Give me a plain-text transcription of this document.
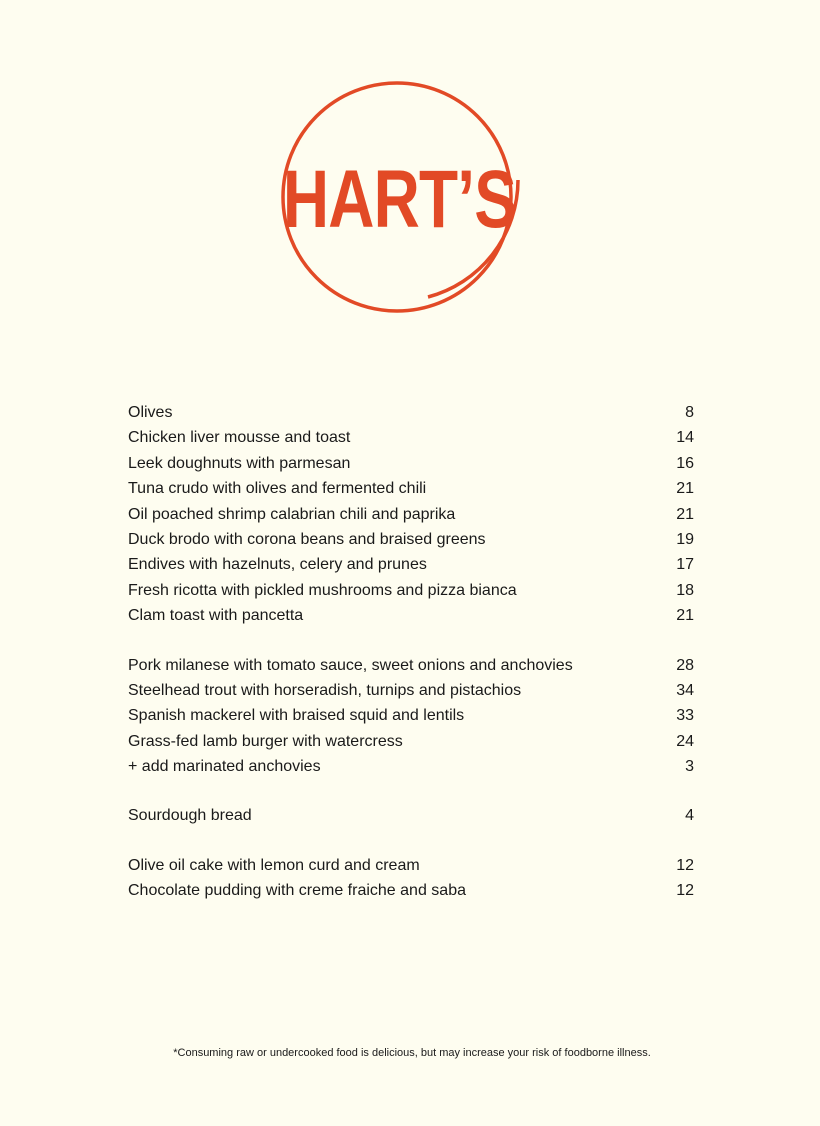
HART’S
Olives	8
Chicken liver mousse and toast	14
Leek doughnuts with parmesan	16
Tuna crudo with olives and fermented chili	21
Oil poached shrimp calabrian chili and paprika	21
Duck brodo with corona beans and braised greens	19
Endives with hazelnuts, celery and prunes	17
Fresh ricotta with pickled mushrooms and pizza bianca	18
Clam toast with pancetta	21
Pork milanese with tomato sauce, sweet onions and anchovies	28
Steelhead trout with horseradish, turnips and pistachios	34
Spanish mackerel with braised squid and lentils	33
Grass-fed lamb burger with watercress	24
+ add marinated anchovies	3
Sourdough bread	4
Olive oil cake with lemon curd and cream	12
Chocolate pudding with creme fraiche and saba	12
*Consuming raw or undercooked food is delicious, but may increase your risk of foodborne illness.
